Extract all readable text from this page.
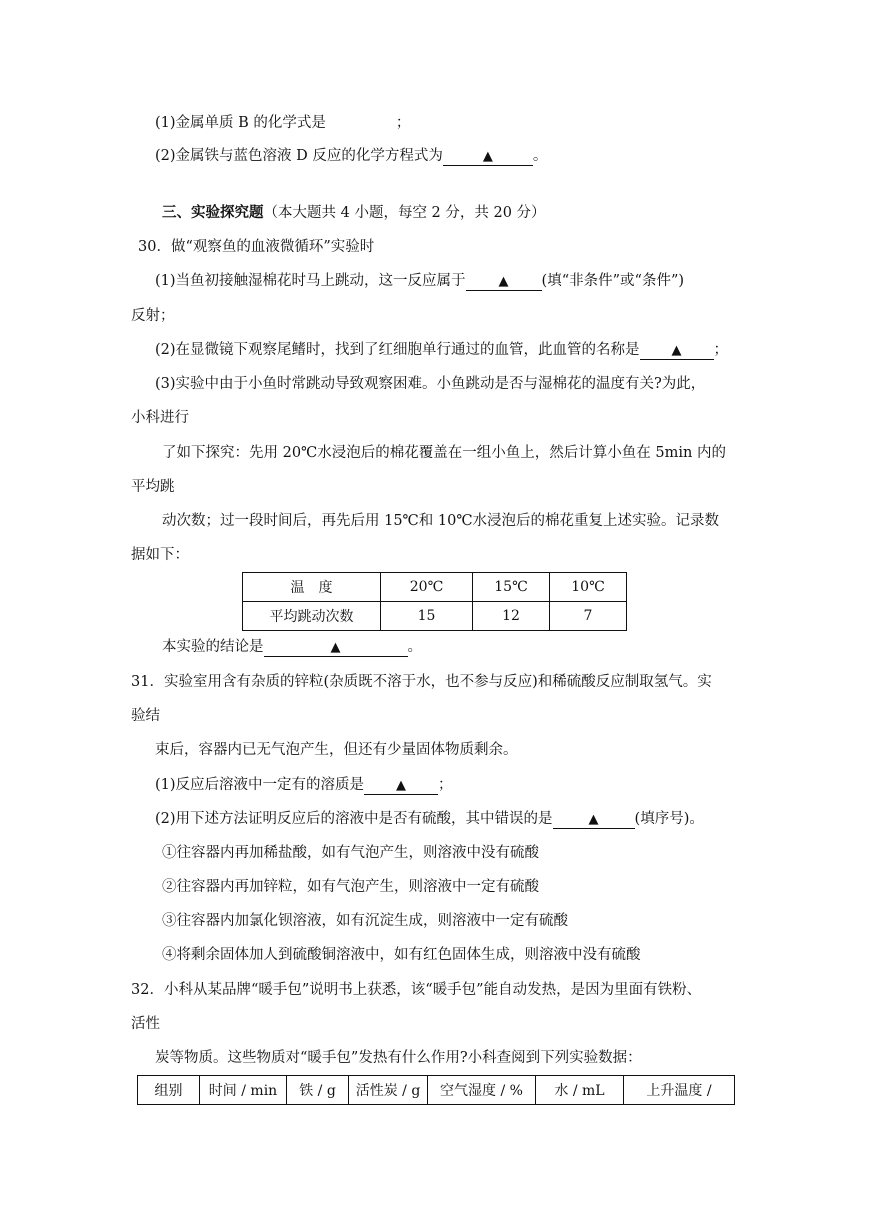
(1)金属单质 B 的化学式是	；
(2)金属铁与蓝色溶液 D 反应的化学方程式为	▲	。
三、实验探究题（本大题共 4 小题，每空 2 分，共 20 分）
30．做“观察鱼的血液微循环”实验时
(1)当鱼初接触湿棉花时马上跳动，这一反应属于	▲ (填“非条件”或“条件”)
反射；
(2)在显微镜下观察尾鳍时，找到了红细胞单行通过的血管，此血管的名称是 ▲ ；
(3)实验中由于小鱼时常跳动导致观察困难。小鱼跳动是否与湿棉花的温度有关?为此，
小科进行
了如下探究：先用 20℃水浸泡后的棉花覆盖在一组小鱼上，然后计算小鱼在 5min 内的
平均跳
动次数；过一段时间后，再先后用 15℃和 10℃水浸泡后的棉花重复上述实验。记录数
据如下：
温　度	20℃	15℃	10℃
平均跳动次数	15	12	7
本实验的结论是	▲	。
31．实验室用含有杂质的锌粒(杂质既不溶于水，也不参与反应)和稀硫酸反应制取氢气。实
验结
束后，容器内已无气泡产生，但还有少量固体物质剩余。
(1)反应后溶液中一定有的溶质是 ▲ ；
(2)用下述方法证明反应后的溶液中是否有硫酸，其中错误的是	▲ (填序号)。
①往容器内再加稀盐酸，如有气泡产生，则溶液中没有硫酸
②往容器内再加锌粒，如有气泡产生，则溶液中一定有硫酸
③往容器内加氯化钡溶液，如有沉淀生成，则溶液中一定有硫酸
④将剩余固体加人到硫酸铜溶液中，如有红色固体生成，则溶液中没有硫酸
32．小科从某品牌“暖手包”说明书上获悉，该“暖手包”能自动发热，是因为里面有铁粉、
活性
炭等物质。这些物质对“暖手包”发热有什么作用?小科查阅到下列实验数据：
组别	时间 / min	铁 / g	活性炭 / g	空气湿度 / %	水 / mL	上升温度 /
